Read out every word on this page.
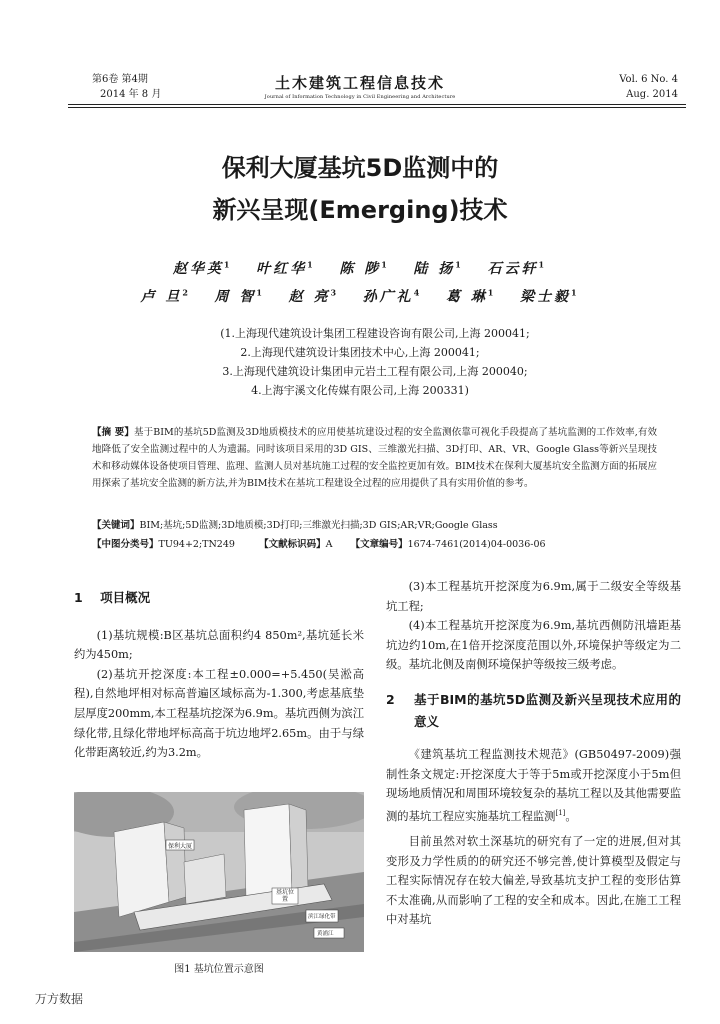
第6卷 第4期
2014 年 8 月
土木建筑工程信息技术
Journal of Information Technology in Civil Engineering and Architecture
Vol. 6 No. 4
Aug. 2014
保利大厦基坑5D监测中的
新兴呈现(Emerging)技术
赵华英$^1$ 叶红华$^1$ 陈 陟$^1$ 陆 扬$^1$ 石云轩$^1$
卢 旦$^2$ 周 智$^1$ 赵 亮$^3$ 孙广礼$^4$ 葛 琳$^1$ 梁士毅$^1$
(1.上海现代建筑设计集团工程建设咨询有限公司,上海 200041;
2.上海现代建筑设计集团技术中心,上海 200041;
3.上海现代建筑设计集团申元岩土工程有限公司,上海 200040;
4.上海宇溪文化传媒有限公司,上海 200331)
【摘 要】基于BIM的基坑5D监测及3D地质模技术的应用使基坑建设过程的安全监测依靠可视化手段提高了基坑监测的工作效率,有效地降低了安全监测过程中的人为遗漏。同时该项目采用的3D GIS、三维激光扫描、3D打印、AR、VR、Google Glass等新兴呈现技术和移动媒体设备使项目管理、监理、监测人员对基坑施工过程的安全监控更加有效。BIM技术在保利大厦基坑安全监测方面的拓展应用探索了基坑安全监测的新方法,并为BIM技术在基坑工程建设全过程的应用提供了具有实用价值的参考。
【关键词】BIM;基坑;5D监测;3D地质模;3D打印;三维激光扫描;3D GIS;AR;VR;Google Glass
【中图分类号】TU94+2;TN249	【文献标识码】A 【文章编号】1674-7461(2014)04-0036-06
1 项目概况

(1)基坑规模:B区基坑总面积约4 850m²,基坑延长米约为450m;

(2)基坑开挖深度:本工程±0.000=+5.450(吴淞高程),自然地坪相对标高普遍区域标高为-1.300,考虑基底垫层厚度200mm,本工程基坑挖深为6.9m。基坑西侧为滨江绿化带,且绿化带地坪标高高于坑边地坪2.65m。由于与绿化带距离较近,约为3.2m。

保利大厦
基坑位置
滨江绿化带
黄浦江
图1 基坑位置示意图

(3)本工程基坑开挖深度为6.9m,属于二级安全等级基坑工程;

(4)本工程基坑开挖深度为6.9m,基坑西侧防汛墙距基坑边约10m,在1倍开挖深度范围以外,环境保护等级定为二级。基坑北侧及南侧环境保护等级按三级考虑。

2	基于BIM的基坑5D监测及新兴呈现技术应用的意义

《建筑基坑工程监测技术规范》(GB50497-2009)强制性条文规定:开挖深度大于等于5m或开挖深度小于5m但现场地质情况和周围环境较复杂的基坑工程以及其他需要监测的基坑工程应实施基坑工程监测[1]。

目前虽然对软土深基坑的研究有了一定的进展,但对其变形及力学性质的的研究还不够完善,使计算模型及假定与工程实际情况存在较大偏差,导致基坑支护工程的变形估算不太准确,从而影响了工程的安全和成本。因此,在施工工程中对基坑

万方数据
